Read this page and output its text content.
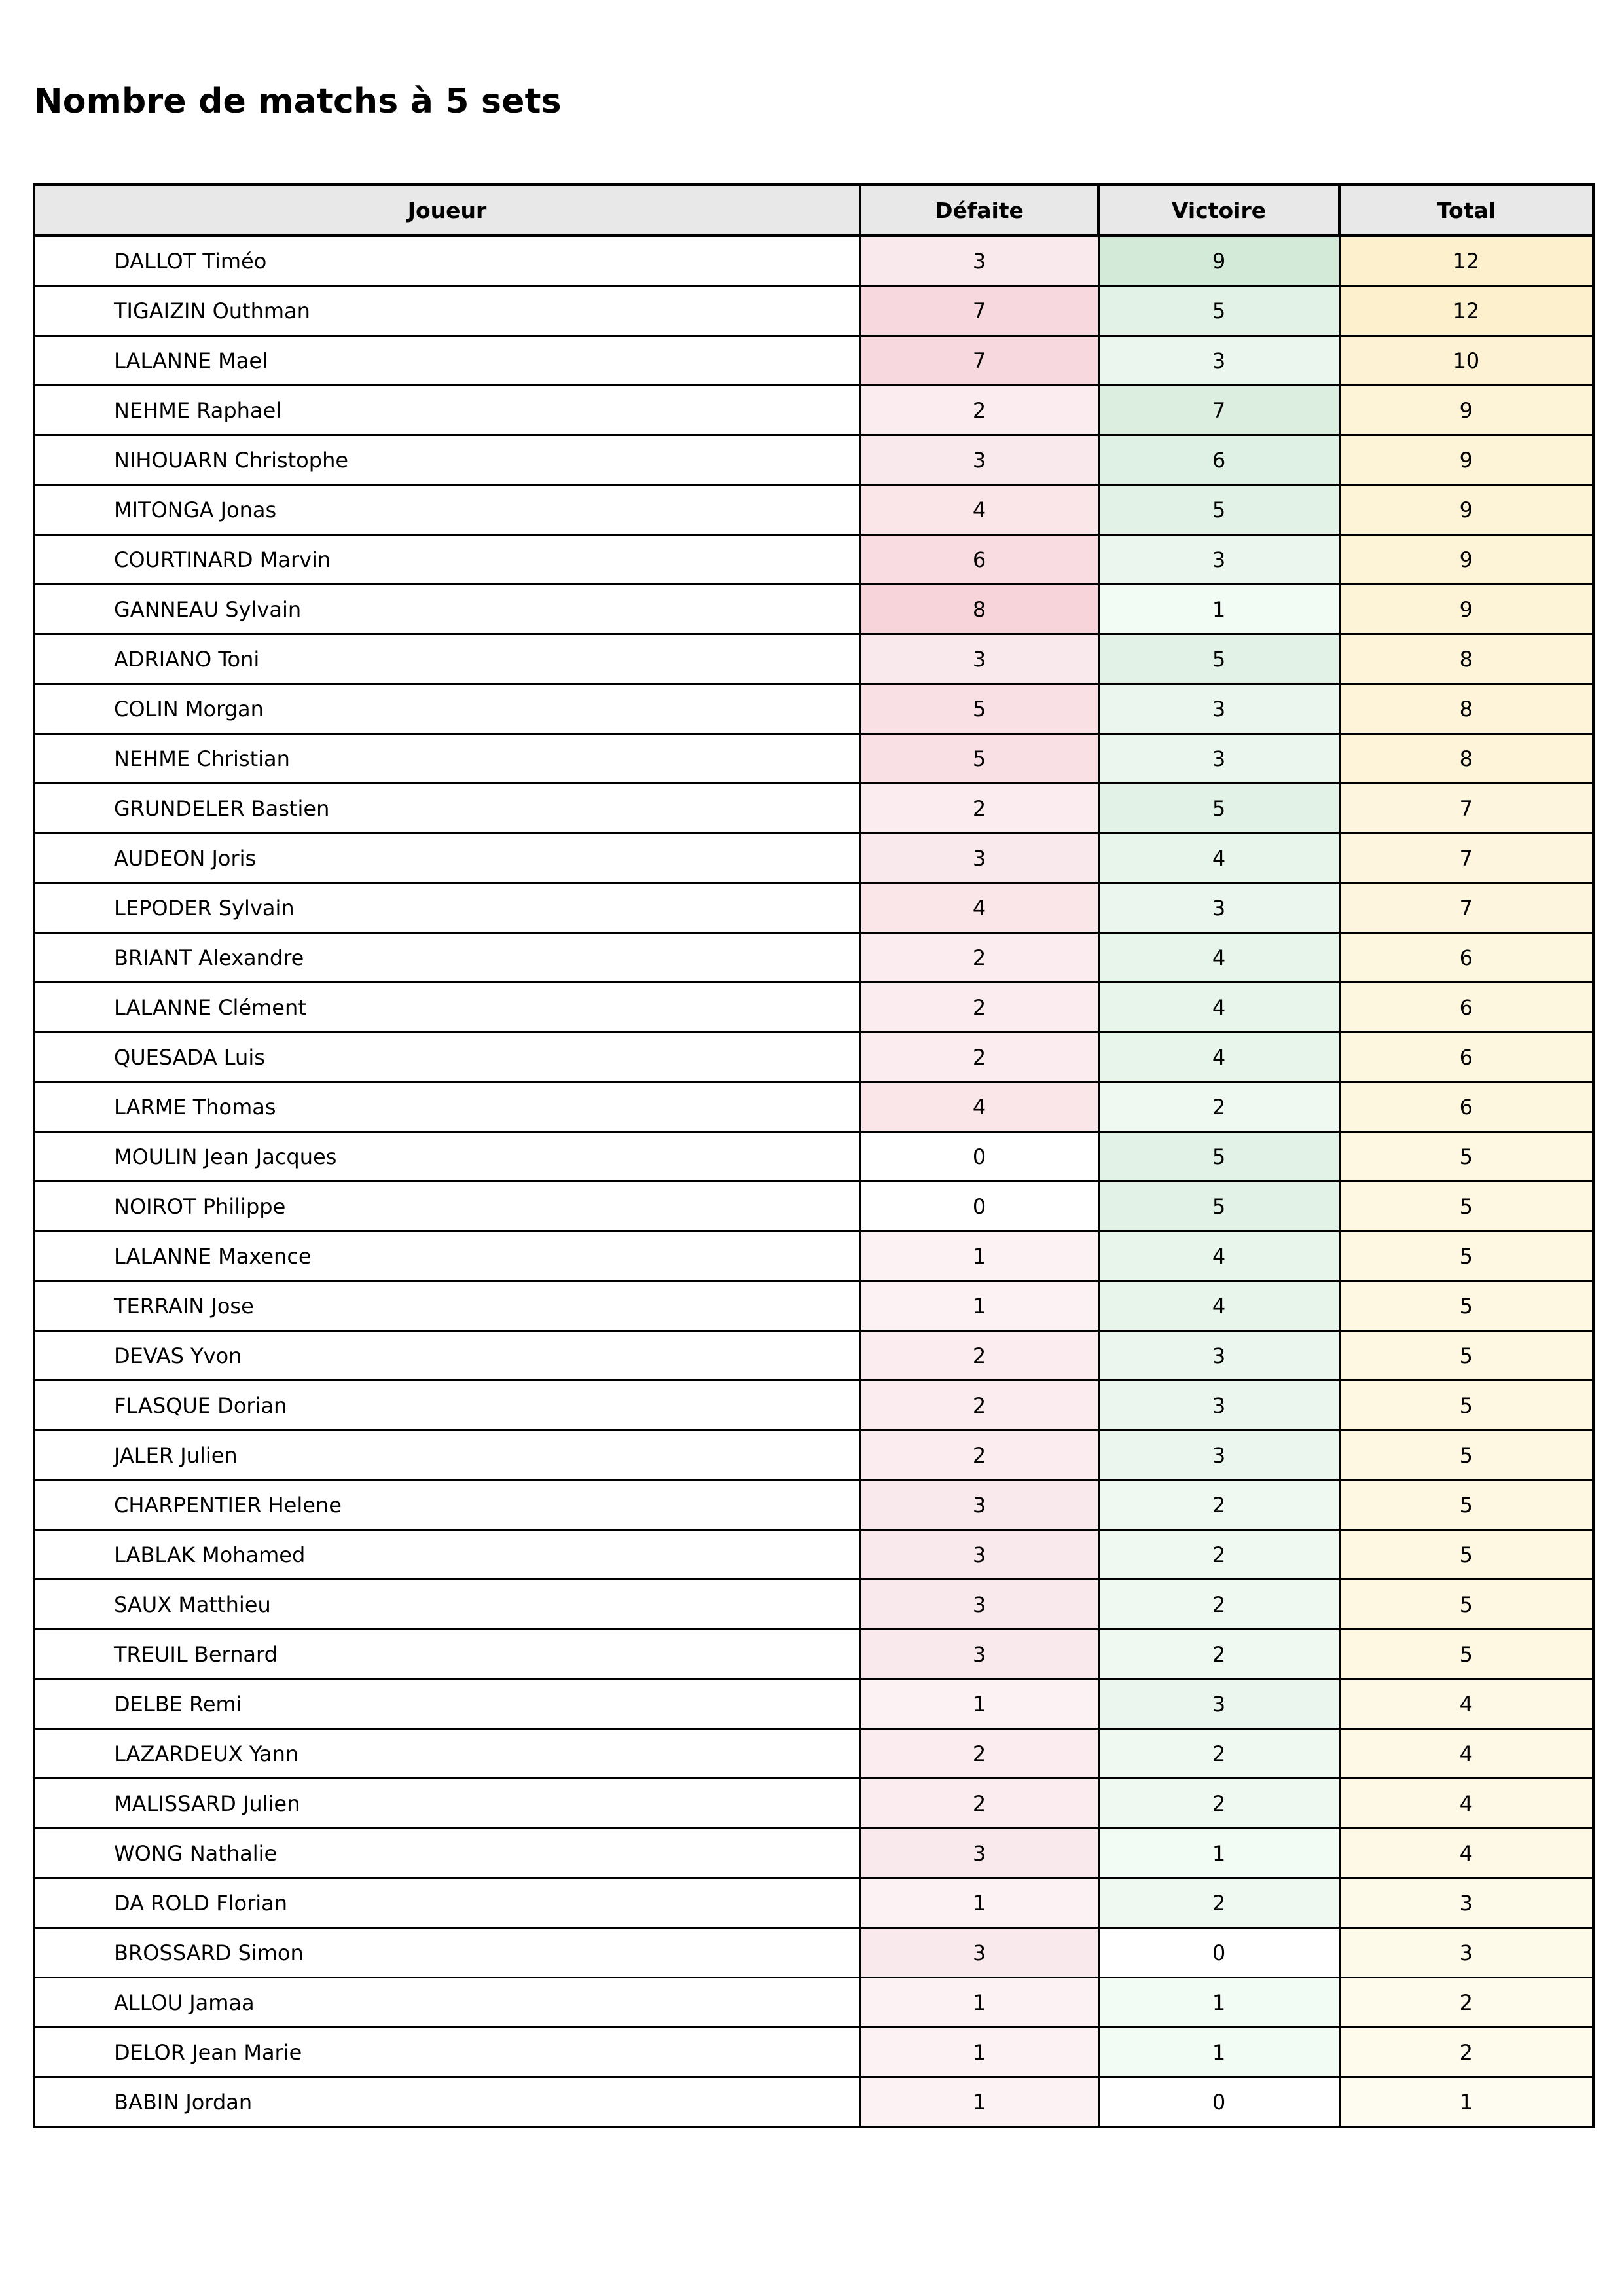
Nombre de matchs à 5 sets
Joueur	Défaite	Victoire	Total
DALLOT Timéo	3	9	12
TIGAIZIN Outhman	7	5	12
LALANNE Mael	7	3	10
NEHME Raphael	2	7	9
NIHOUARN Christophe	3	6	9
MITONGA Jonas	4	5	9
COURTINARD Marvin	6	3	9
GANNEAU Sylvain	8	1	9
ADRIANO Toni	3	5	8
COLIN Morgan	5	3	8
NEHME Christian	5	3	8
GRUNDELER Bastien	2	5	7
AUDEON Joris	3	4	7
LEPODER Sylvain	4	3	7
BRIANT Alexandre	2	4	6
LALANNE Clément	2	4	6
QUESADA Luis	2	4	6
LARME Thomas	4	2	6
MOULIN Jean Jacques	0	5	5
NOIROT Philippe	0	5	5
LALANNE Maxence	1	4	5
TERRAIN Jose	1	4	5
DEVAS Yvon	2	3	5
FLASQUE Dorian	2	3	5
JALER Julien	2	3	5
CHARPENTIER Helene	3	2	5
LABLAK Mohamed	3	2	5
SAUX Matthieu	3	2	5
TREUIL Bernard	3	2	5
DELBE Remi	1	3	4
LAZARDEUX Yann	2	2	4
MALISSARD Julien	2	2	4
WONG Nathalie	3	1	4
DA ROLD Florian	1	2	3
BROSSARD Simon	3	0	3
ALLOU Jamaa	1	1	2
DELOR Jean Marie	1	1	2
BABIN Jordan	1	0	1
